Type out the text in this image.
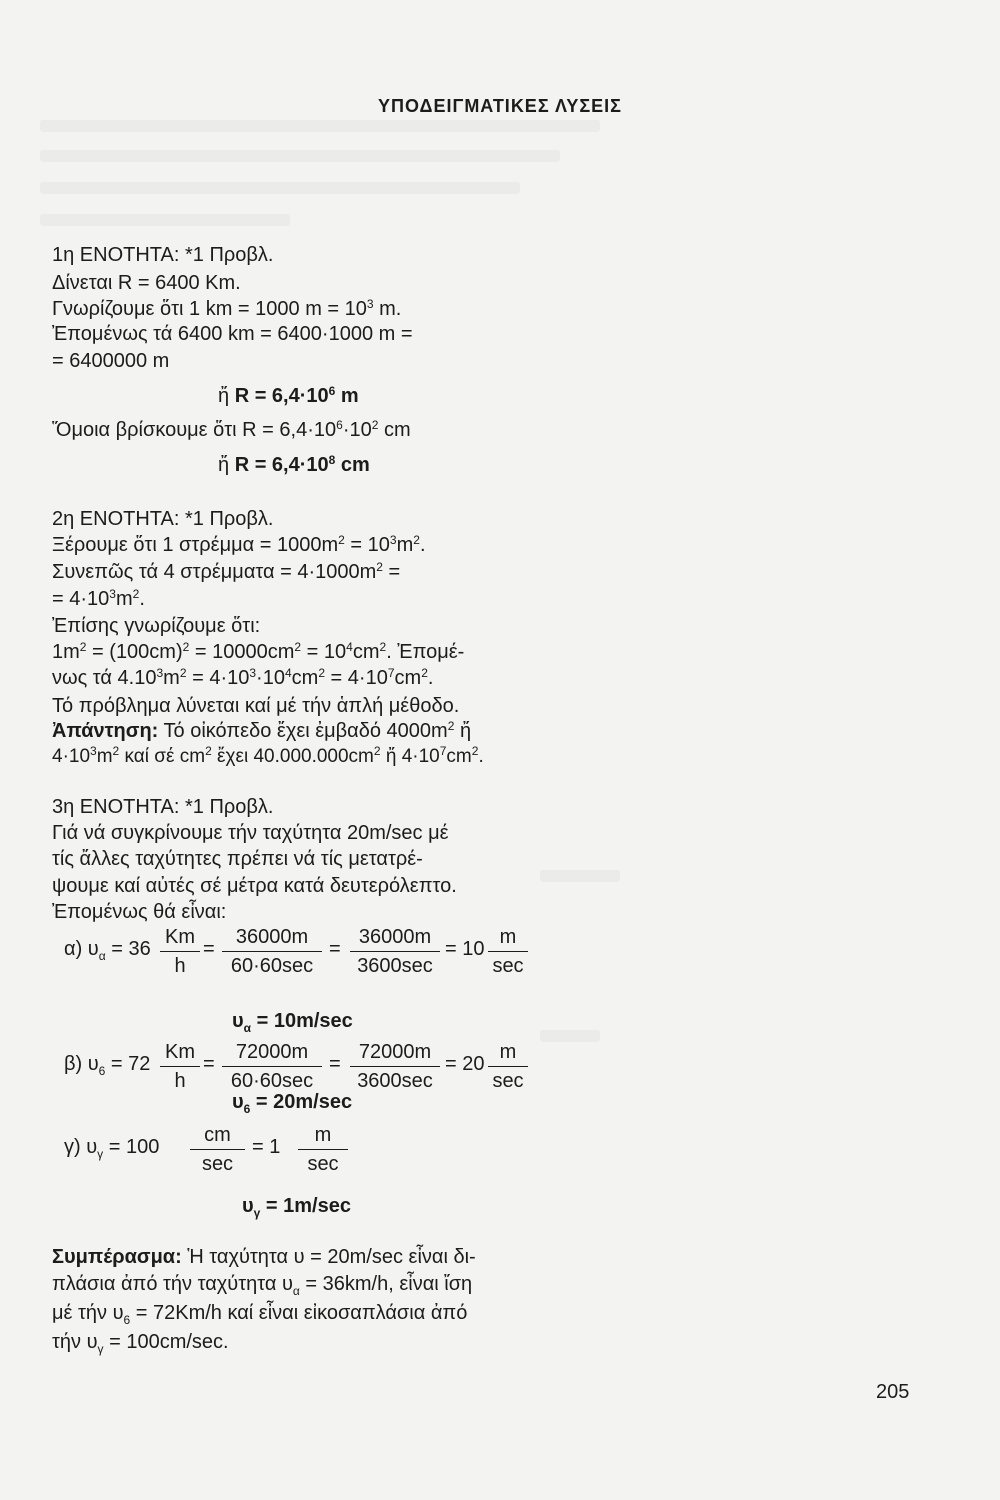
ΥΠΟΔΕΙΓΜΑΤΙΚΕΣ ΛΥΣΕΙΣ
1η ΕΝΟΤΗΤΑ: *1 Προβλ.
Δίνεται R = 6400 Km.
Γνωρίζουμε ὅτι 1 km = 1000 $m = 10^3$ m.
Ἐπομένως τά 6400 km = 6400·1000 m =
= 6400000 m
ἤ $R = 6,4\cdot 10^6$ m
Ὅμοια βρίσκουμε ὅτι $R = 6,4\cdot 10^6\cdot 10^2$ cm
ἤ $R = 6,4\cdot 10^8$ cm
2η ΕΝΟΤΗΤΑ: *1 Προβλ.
Ξέρουμε ὅτι 1 $\sigma\tau\rho έ\mu\mu\alpha = 1000m^2 = 10^3m^2$.
Συνεπῶς τά 4 $\sigma\tau\rho έ\mu\mu\alpha\tau\alpha = 4\cdot 1000m^2$ =
= $4\cdot 10^3m^2$.
Ἐπίσης γνωρίζουμε ὅτι:
$1m^2 = (100cm)^2 = 10000cm^2 = 10^4cm^2$. Ἐπομέ-
νως τά $4.10^3m^2 = 4\cdot 10^3\cdot 10^4cm^2 = 4\cdot 10^7cm^2$.
Τό πρόβλημα λύνεται καί μέ τήν ἁπλή μέθοδο.
Ἀπάντηση: Τό οἰκόπεδο ἔχει ἐμβαδό $4000m^2$ ἤ
$4\cdot 10^3m^2$ καί σέ $cm^2$ ἔχει $40.000.000cm^2$ ἤ $4\cdot 10^7cm^2$.
3η ΕΝΟΤΗΤΑ: *1 Προβλ.
Γιά νά συγκρίνουμε τήν ταχύτητα 20m/sec μέ
τίς ἄλλες ταχύτητες πρέπει νά τίς μετατρέ-
ψουμε καί αὐτές σέ μέτρα κατά δευτερόλεπτο.
Ἐπομένως θά εἶναι:
α) $\upsilon_\alpha = 36$
Km
h
=
36000m
60·60sec
=
36000m
3600sec
= 10
m
sec
$\upsilon_\alpha = 10m/\sec$
β) $\upsilon_6 = 72$
Km
h
=
72000m
60·60sec
=
72000m
3600sec
= 20
m
sec
$\upsilon_6 = 20m/\sec$
γ) $\upsilon_\gamma = 100$
cm
sec
= 1
m
sec
$\upsilon_\gamma = 1m/\sec$
Συμπέρασμα: Ἡ ταχύτητα υ = 20m/sec εἶναι δι-
πλάσια ἀπό τήν ταχύτητα $\upsilon_\alpha = 36km/h$, εἶναι ἴση
μέ τήν $\upsilon_6 = 72Km/h$ καί εἶναι εἰκοσαπλάσια ἀπό
τήν $\upsilon_\gamma = 100cm/\sec$.
205
